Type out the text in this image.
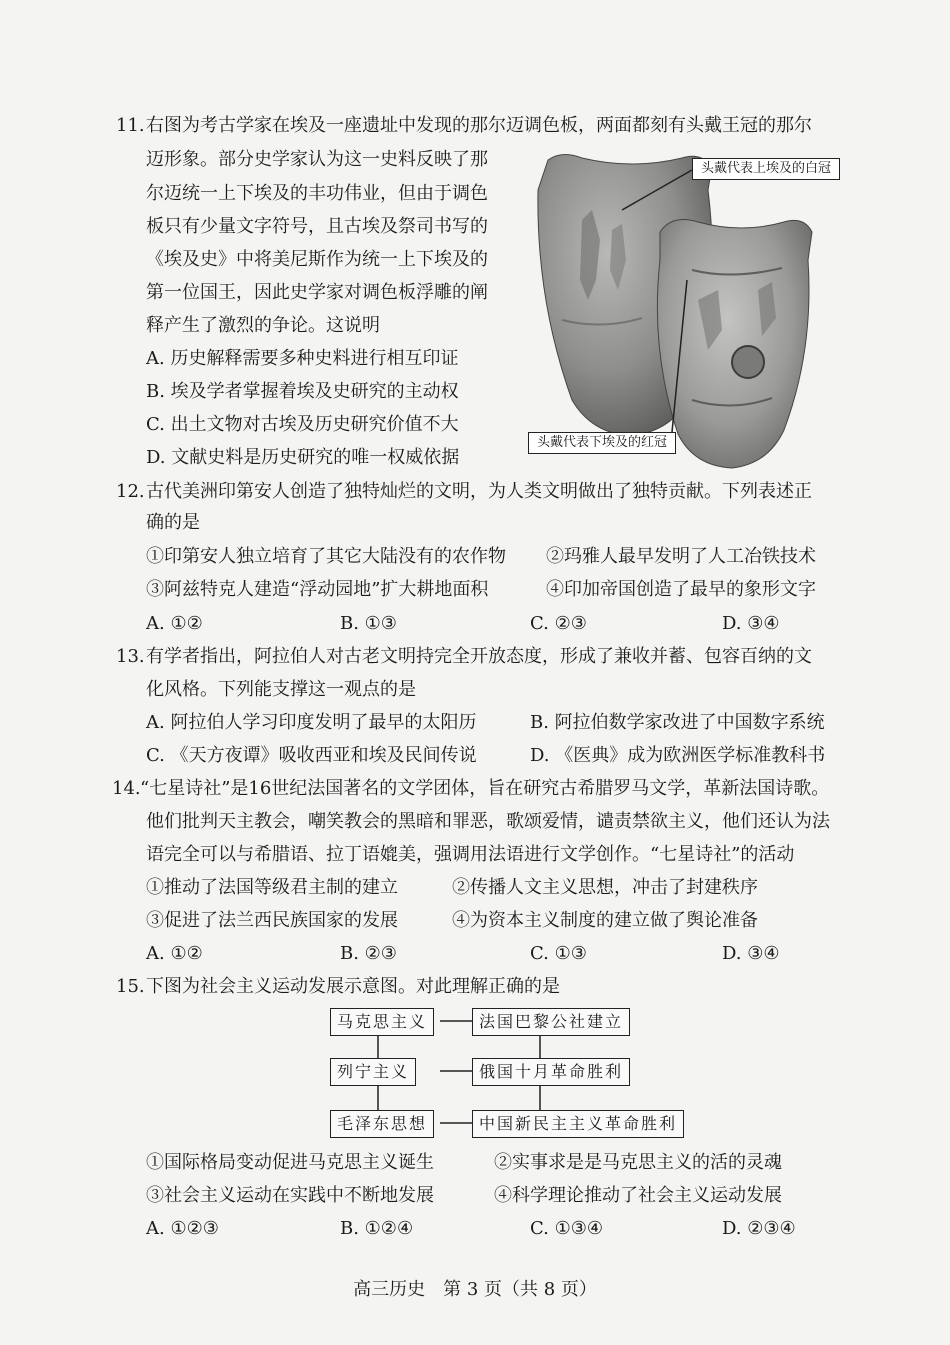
11. 右图为考古学家在埃及一座遗址中发现的那尔迈调色板，两面都刻有头戴王冠的那尔
迈形象。部分史学家认为这一史料反映了那
尔迈统一上下埃及的丰功伟业，但由于调色
板只有少量文字符号，且古埃及祭司书写的
《埃及史》中将美尼斯作为统一上下埃及的
第一位国王，因此史学家对调色板浮雕的阐
释产生了激烈的争论。这说明
A. 历史解释需要多种史料进行相互印证
B. 埃及学者掌握着埃及史研究的主动权
C. 出土文物对古埃及历史研究价值不大
D. 文献史料是历史研究的唯一权威依据
头戴代表上埃及的白冠
头戴代表下埃及的红冠
12. 古代美洲印第安人创造了独特灿烂的文明，为人类文明做出了独特贡献。下列表述正
确的是
①印第安人独立培育了其它大陆没有的农作物 ②玛雅人最早发明了人工冶铁技术
③阿兹特克人建造“浮动园地”扩大耕地面积	④印加帝国创造了最早的象形文字
A. ①②	B. ①③	C. ②③	D. ③④
13. 有学者指出，阿拉伯人对古老文明持完全开放态度，形成了兼收并蓄、包容百纳的文
化风格。下列能支撑这一观点的是
A. 阿拉伯人学习印度发明了最早的太阳历	B. 阿拉伯数学家改进了中国数字系统
C. 《天方夜谭》吸收西亚和埃及民间传说	D. 《医典》成为欧洲医学标准教科书
14. “七星诗社”是16世纪法国著名的文学团体，旨在研究古希腊罗马文学，革新法国诗歌。
他们批判天主教会，嘲笑教会的黑暗和罪恶，歌颂爱情，谴责禁欲主义，他们还认为法
语完全可以与希腊语、拉丁语媲美，强调用法语进行文学创作。“七星诗社”的活动
①推动了法国等级君主制的建立	②传播人文主义思想，冲击了封建秩序
③促进了法兰西民族国家的发展	④为资本主义制度的建立做了舆论准备
A. ①②	B. ②③	C. ①③	D. ③④
15. 下图为社会主义运动发展示意图。对此理解正确的是
马克思主义	法国巴黎公社建立
列宁主义	俄国十月革命胜利
毛泽东思想	中国新民主主义革命胜利
①国际格局变动促进马克思主义诞生	②实事求是是马克思主义的活的灵魂
③社会主义运动在实践中不断地发展	④科学理论推动了社会主义运动发展
A. ①②③	B. ①②④	C. ①③④	D. ②③④
高三历史　第 3 页（共 8 页）
